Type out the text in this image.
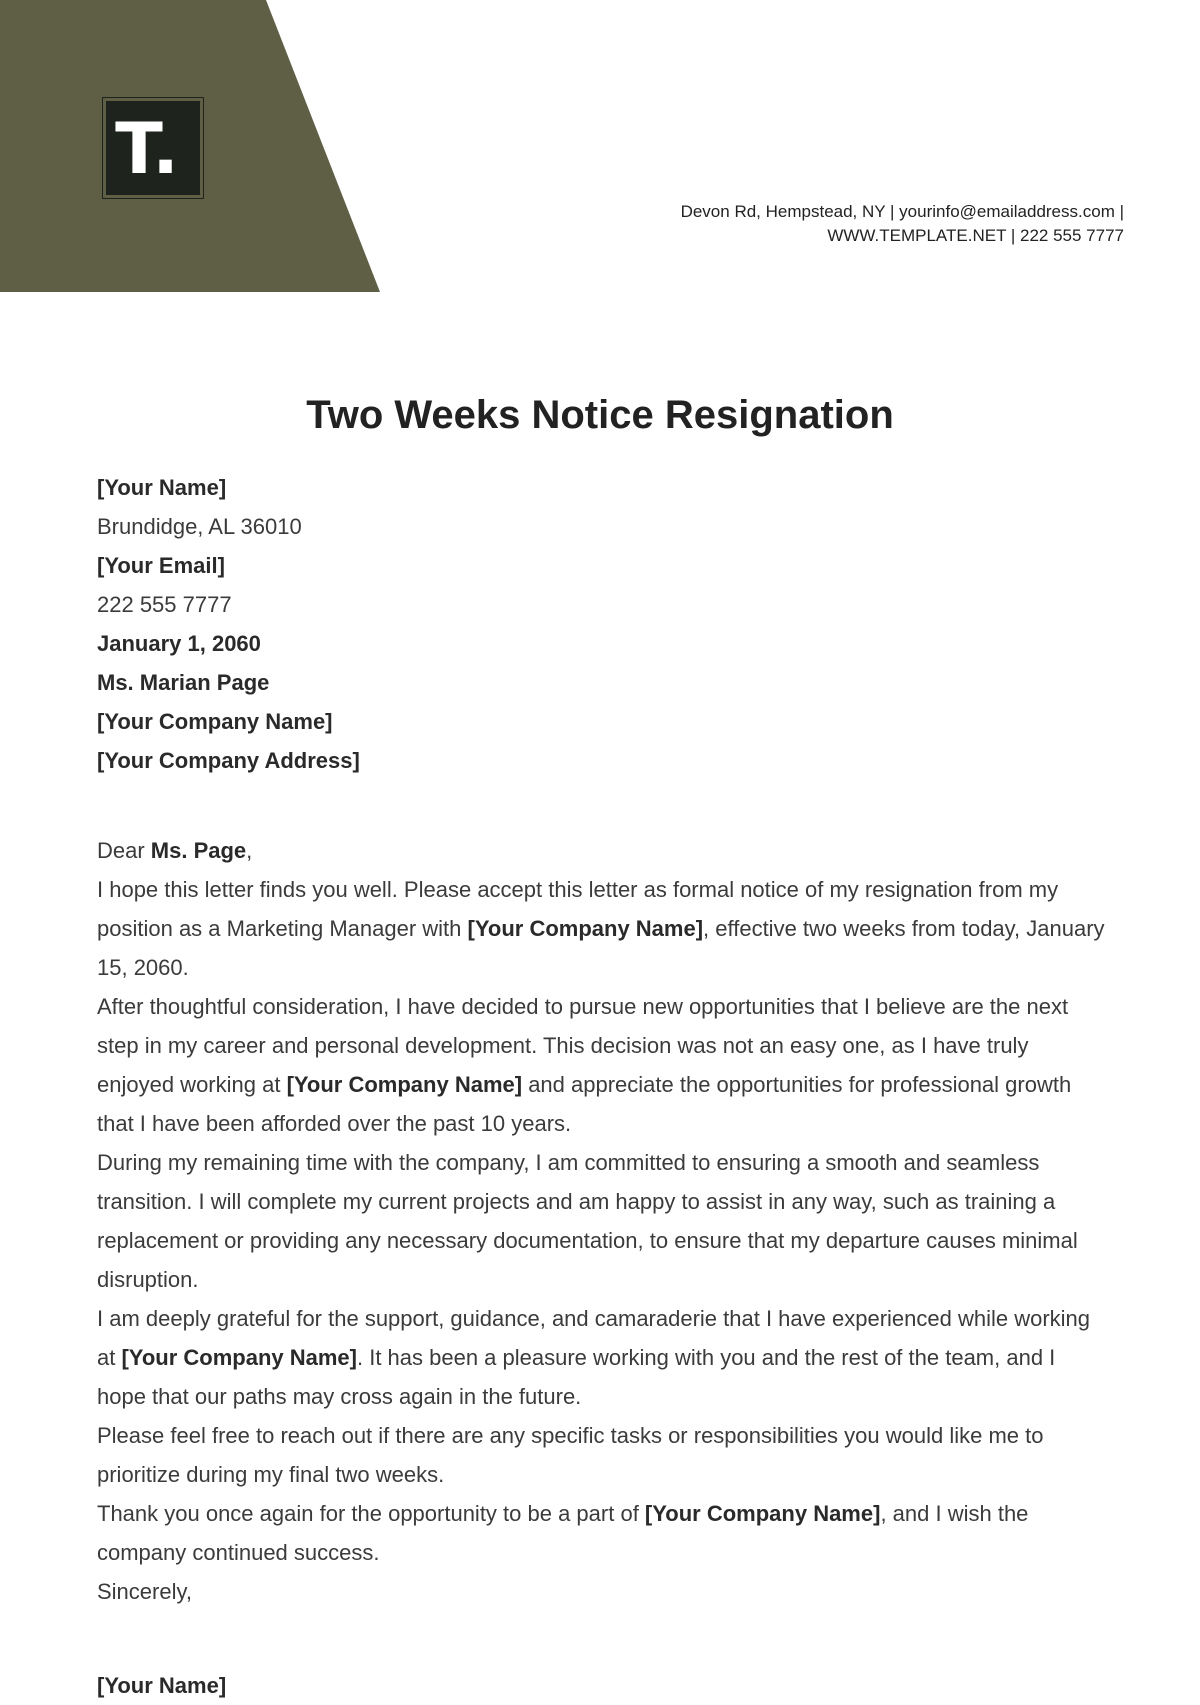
T.
Devon Rd, Hempstead, NY | yourinfo@emailaddress.com |
WWW.TEMPLATE.NET | 222 555 7777
Two Weeks Notice Resignation
[Your Name]
Brundidge, AL 36010
[Your Email]
222 555 7777
January 1, 2060
Ms. Marian Page
[Your Company Name]
[Your Company Address]

Dear Ms. Page,

I hope this letter finds you well. Please accept this letter as formal notice of my resignation from my position as a Marketing Manager with [Your Company Name], effective two weeks from today, January 15, 2060.

After thoughtful consideration, I have decided to pursue new opportunities that I believe are the next step in my career and personal development. This decision was not an easy one, as I have truly enjoyed working at [Your Company Name] and appreciate the opportunities for professional growth that I have been afforded over the past 10 years.

During my remaining time with the company, I am committed to ensuring a smooth and seamless transition. I will complete my current projects and am happy to assist in any way, such as training a replacement or providing any necessary documentation, to ensure that my departure causes minimal disruption.

I am deeply grateful for the support, guidance, and camaraderie that I have experienced while working at [Your Company Name]. It has been a pleasure working with you and the rest of the team, and I hope that our paths may cross again in the future.

Please feel free to reach out if there are any specific tasks or responsibilities you would like me to prioritize during my final two weeks.

Thank you once again for the opportunity to be a part of [Your Company Name], and I wish the company continued success.

Sincerely,

[Your Name]
